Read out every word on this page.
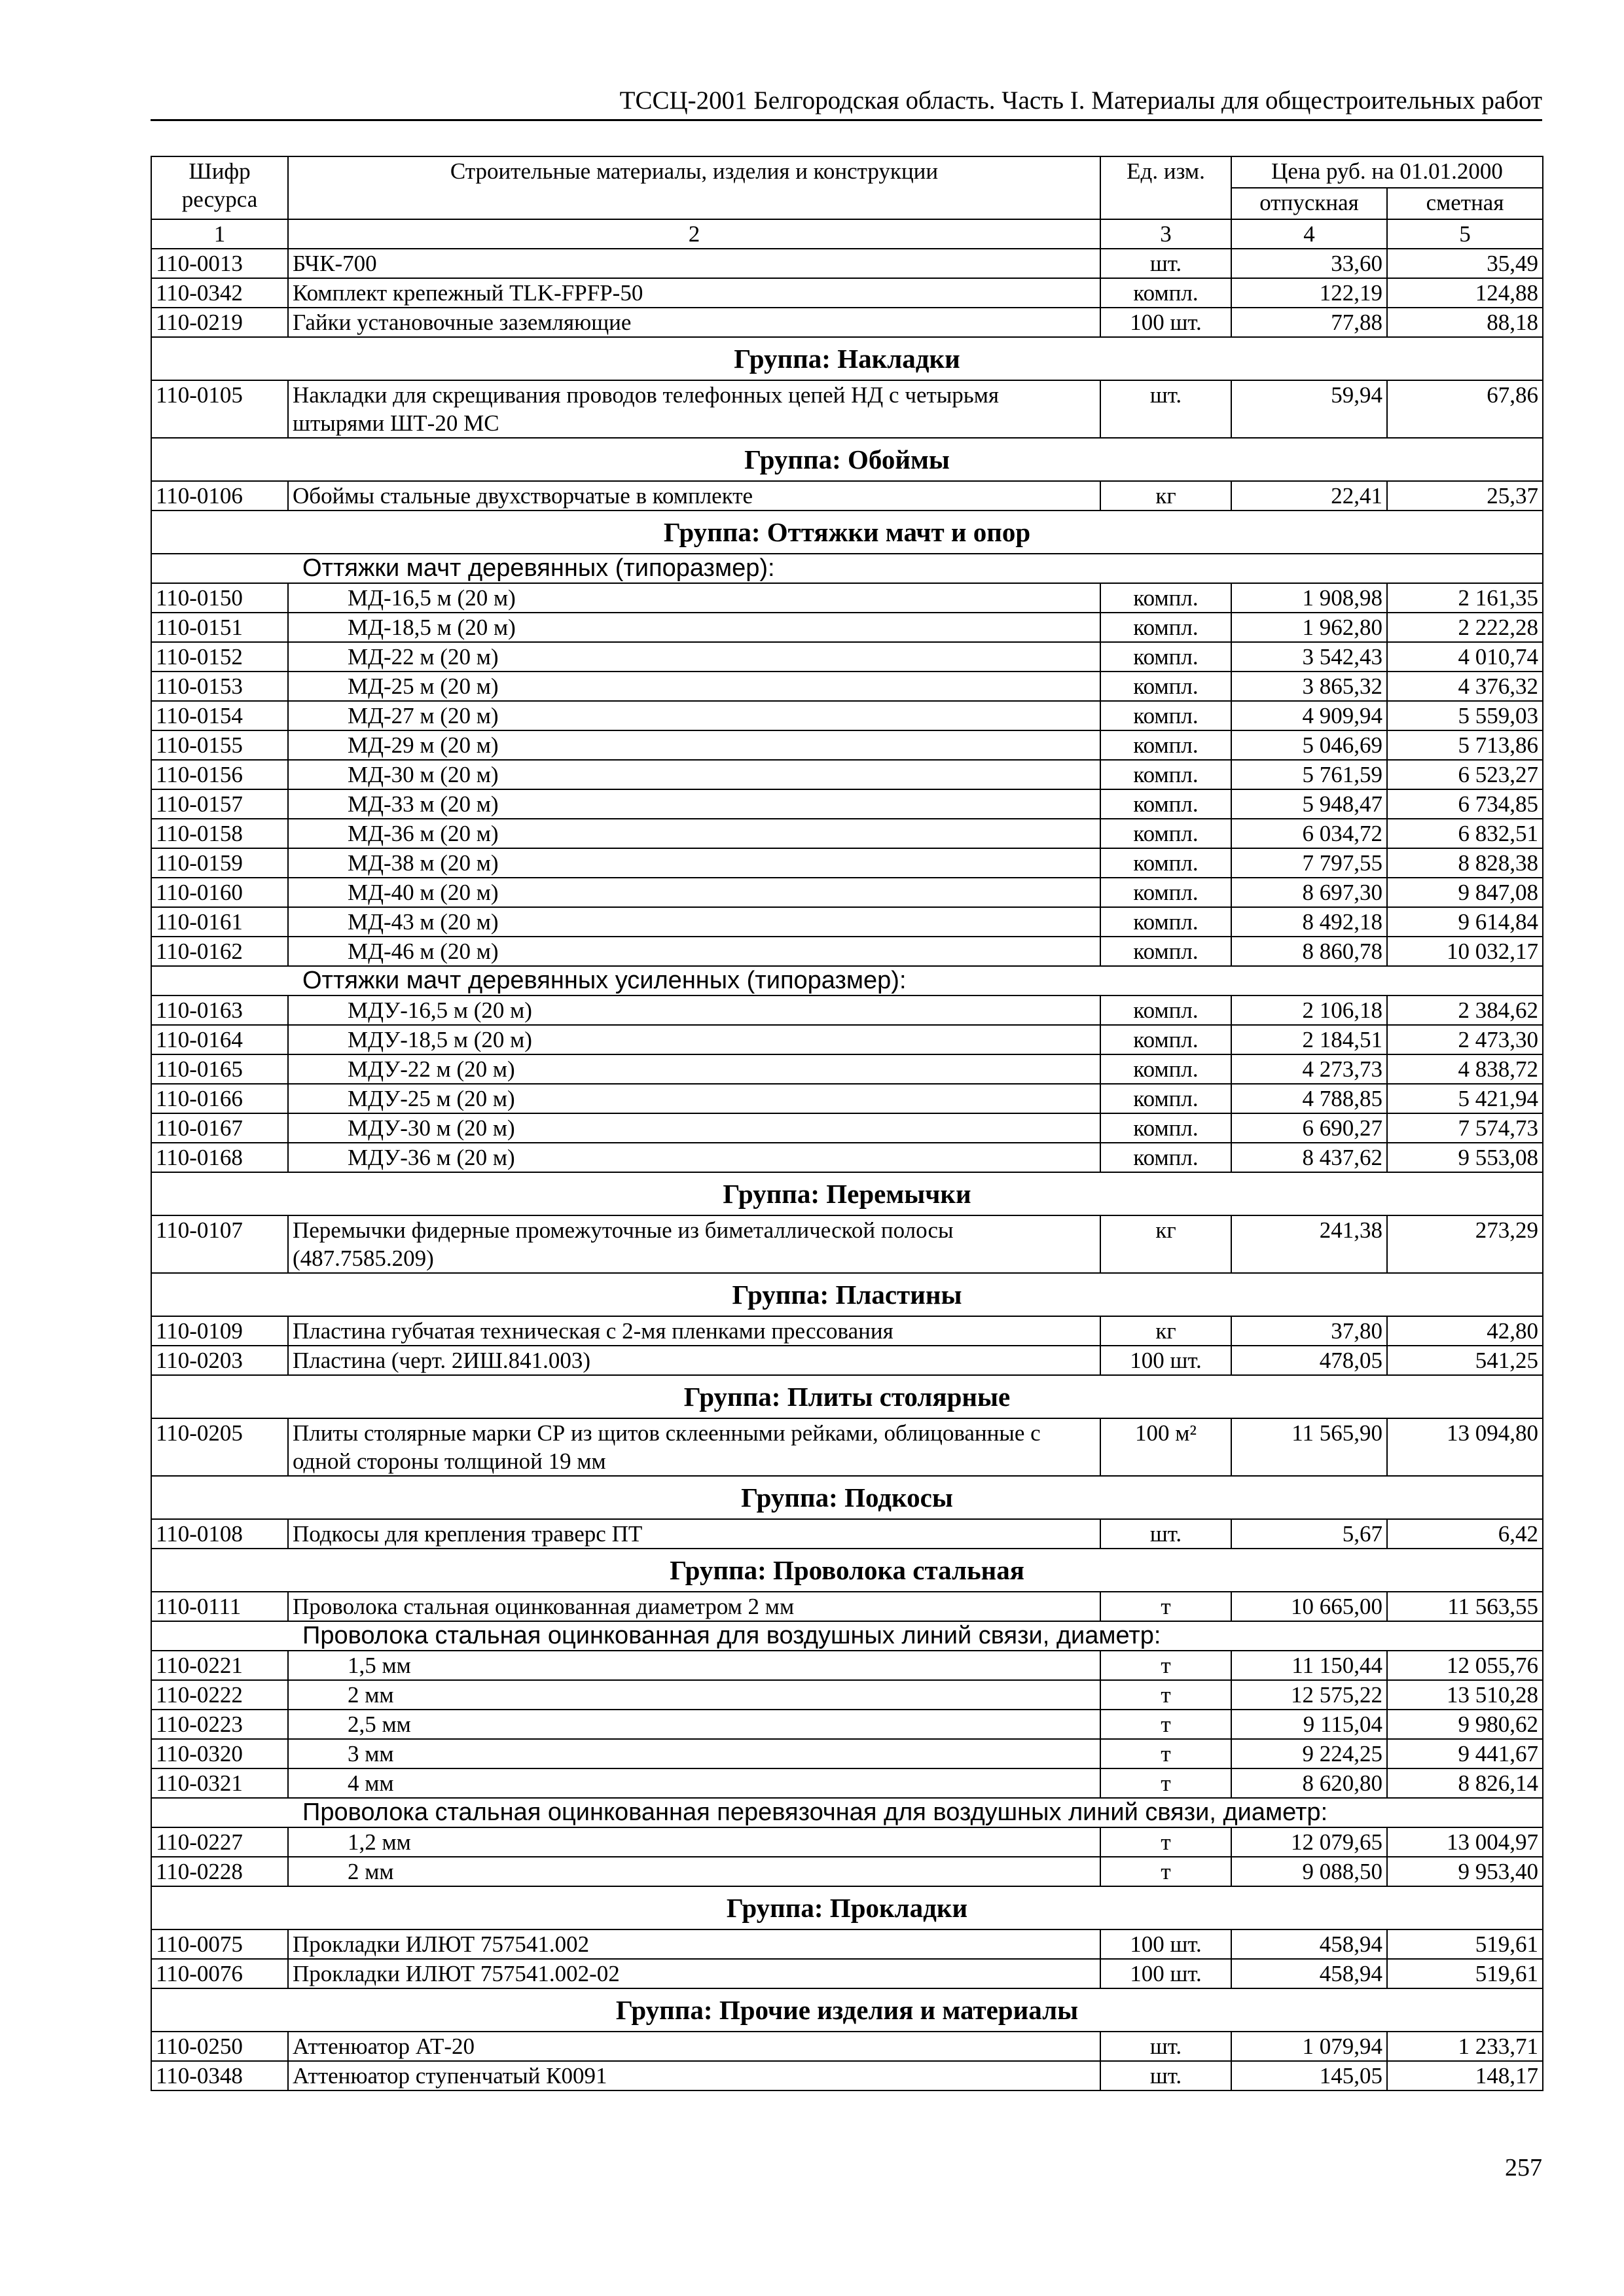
ТССЦ-2001 Белгородская область. Часть I. Материалы для общестроительных работ
Шифр ресурса	Строительные материалы, изделия и конструкции	Ед. изм.	Цена руб. на 01.01.2000	
			отпускная	сметная
1	2	3	4	5
110-0013	БЧК-700	шт.	33,60	35,49
110-0342	Комплект крепежный TLK-FPFP-50	компл.	122,19	124,88
110-0219	Гайки установочные заземляющие	100 шт.	77,88	88,18
Группа: Накладки				
110-0105	Накладки для скрещивания проводов телефонных цепей НД с четырьмя штырями ШТ-20 МС	шт.	59,94	67,86
Группа: Обоймы				
110-0106	Обоймы стальные двухстворчатые в комплекте	кг	22,41	25,37
Группа: Оттяжки мачт и опор				
Оттяжки мачт деревянных (типоразмер):				
110-0150	МД-16,5 м (20 м)	компл.	1 908,98	2 161,35
110-0151	МД-18,5 м (20 м)	компл.	1 962,80	2 222,28
110-0152	МД-22 м (20 м)	компл.	3 542,43	4 010,74
110-0153	МД-25 м (20 м)	компл.	3 865,32	4 376,32
110-0154	МД-27 м (20 м)	компл.	4 909,94	5 559,03
110-0155	МД-29 м (20 м)	компл.	5 046,69	5 713,86
110-0156	МД-30 м (20 м)	компл.	5 761,59	6 523,27
110-0157	МД-33 м (20 м)	компл.	5 948,47	6 734,85
110-0158	МД-36 м (20 м)	компл.	6 034,72	6 832,51
110-0159	МД-38 м (20 м)	компл.	7 797,55	8 828,38
110-0160	МД-40 м (20 м)	компл.	8 697,30	9 847,08
110-0161	МД-43 м (20 м)	компл.	8 492,18	9 614,84
110-0162	МД-46 м (20 м)	компл.	8 860,78	10 032,17
Оттяжки мачт деревянных усиленных (типоразмер):				
110-0163	МДУ-16,5 м (20 м)	компл.	2 106,18	2 384,62
110-0164	МДУ-18,5 м (20 м)	компл.	2 184,51	2 473,30
110-0165	МДУ-22 м (20 м)	компл.	4 273,73	4 838,72
110-0166	МДУ-25 м (20 м)	компл.	4 788,85	5 421,94
110-0167	МДУ-30 м (20 м)	компл.	6 690,27	7 574,73
110-0168	МДУ-36 м (20 м)	компл.	8 437,62	9 553,08
Группа: Перемычки				
110-0107	Перемычки фидерные промежуточные из биметаллической полосы (487.7585.209)	кг	241,38	273,29
Группа: Пластины				
110-0109	Пластина губчатая техническая с 2-мя пленками прессования	кг	37,80	42,80
110-0203	Пластина (черт. 2ИШ.841.003)	100 шт.	478,05	541,25
Группа: Плиты столярные				
110-0205	Плиты столярные марки СР из щитов склеенными рейками, облицованные с одной стороны толщиной 19 мм	100 м²	11 565,90	13 094,80
Группа: Подкосы				
110-0108	Подкосы для крепления траверс ПТ	шт.	5,67	6,42
Группа: Проволока стальная				
110-0111	Проволока стальная оцинкованная диаметром 2 мм	т	10 665,00	11 563,55
Проволока стальная оцинкованная для воздушных линий связи, диаметр:				
110-0221	1,5 мм	т	11 150,44	12 055,76
110-0222	2 мм	т	12 575,22	13 510,28
110-0223	2,5 мм	т	9 115,04	9 980,62
110-0320	3 мм	т	9 224,25	9 441,67
110-0321	4 мм	т	8 620,80	8 826,14
Проволока стальная оцинкованная перевязочная для воздушных линий связи, диаметр:				
110-0227	1,2 мм	т	12 079,65	13 004,97
110-0228	2 мм	т	9 088,50	9 953,40
Группа: Прокладки				
110-0075	Прокладки ИЛЮТ 757541.002	100 шт.	458,94	519,61
110-0076	Прокладки ИЛЮТ 757541.002-02	100 шт.	458,94	519,61
Группа: Прочие изделия и материалы				
110-0250	Аттенюатор АТ-20	шт.	1 079,94	1 233,71
110-0348	Аттенюатор ступенчатый К0091	шт.	145,05	148,17
257
